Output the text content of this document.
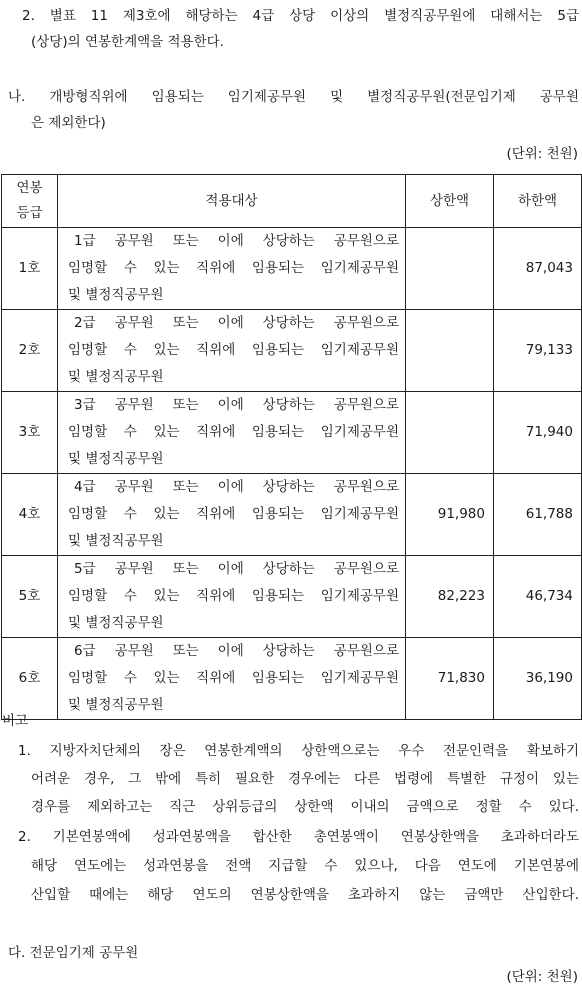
2. 별표 11 제3호에 해당하는 4급 상당 이상의 별정직공무원에 대해서는 5급
(상당)의 연봉한계액을 적용한다.
나. 개방형직위에 임용되는 임기제공무원 및 별정직공무원(전문임기제 공무원
은 제외한다)
(단위: 천원)
연봉
등급	적용대상	상한액	하한액
1호	1급 공무원 또는 이에 상당하는 공무원으로
임명할 수 있는 직위에 임용되는 임기제공무원
및 별정직공무원		87,043
2호	2급 공무원 또는 이에 상당하는 공무원으로
임명할 수 있는 직위에 임용되는 임기제공무원
및 별정직공무원		79,133
3호	3급 공무원 또는 이에 상당하는 공무원으로
임명할 수 있는 직위에 임용되는 임기제공무원
및 별정직공무원		71,940
4호	4급 공무원 또는 이에 상당하는 공무원으로
임명할 수 있는 직위에 임용되는 임기제공무원
및 별정직공무원	91,980	61,788
5호	5급 공무원 또는 이에 상당하는 공무원으로
임명할 수 있는 직위에 임용되는 임기제공무원
및 별정직공무원	82,223	46,734
6호	6급 공무원 또는 이에 상당하는 공무원으로
임명할 수 있는 직위에 임용되는 임기제공무원
및 별정직공무원	71,830	36,190
비고
1. 지방자치단체의 장은 연봉한계액의 상한액으로는 우수 전문인력을 확보하기
어려운 경우, 그 밖에 특히 필요한 경우에는 다른 법령에 특별한 규정이 있는
경우를 제외하고는 직근 상위등급의 상한액 이내의 금액으로 정할 수 있다.
2. 기본연봉액에 성과연봉액을 합산한 총연봉액이 연봉상한액을 초과하더라도
해당 연도에는 성과연봉을 전액 지급할 수 있으나, 다음 연도에 기본연봉에
산입할 때에는 해당 연도의 연봉상한액을 초과하지 않는 금액만 산입한다.
다. 전문임기제 공무원
(단위: 천원)
